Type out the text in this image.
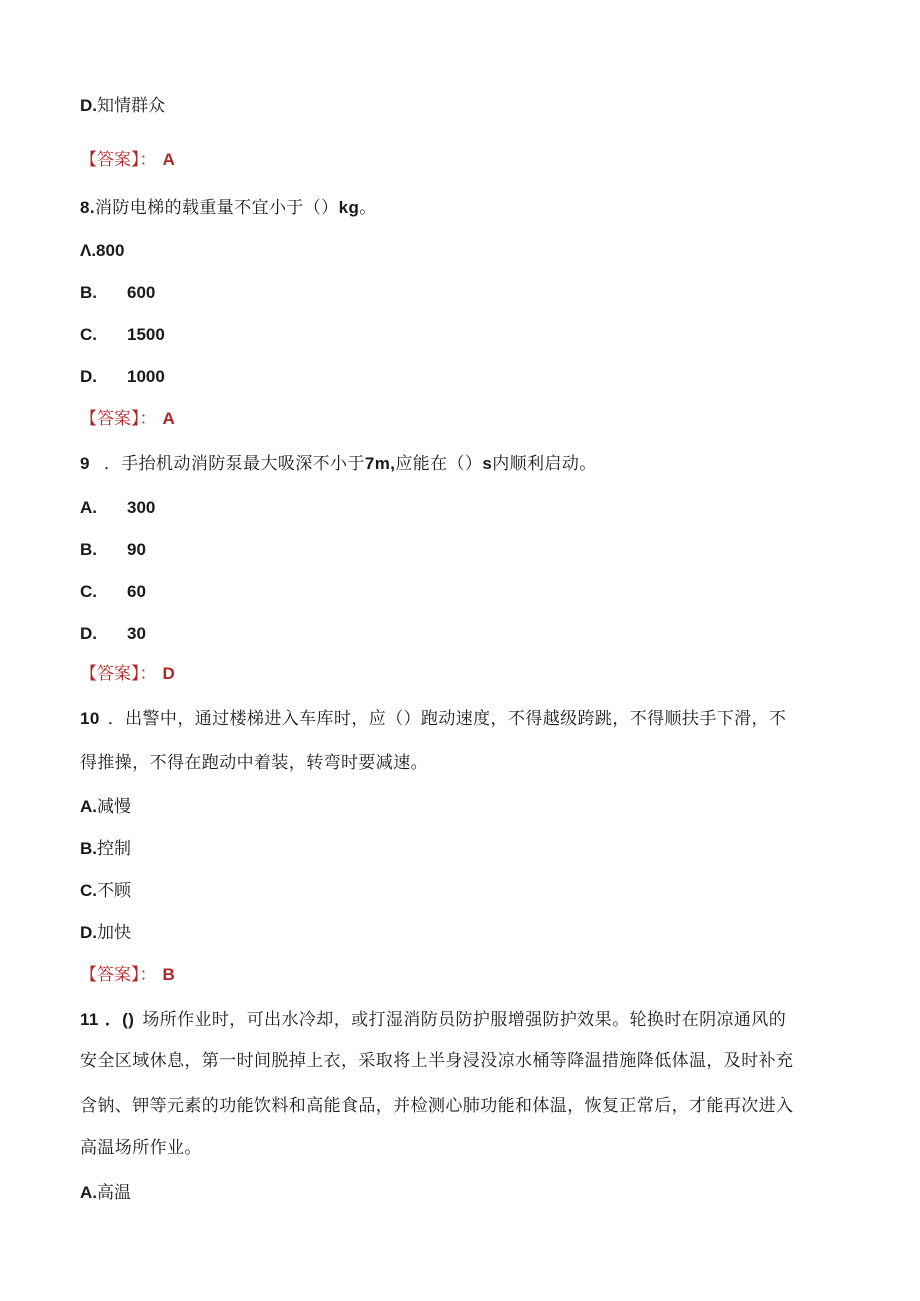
D.知情群众
【答案】： A
8.消防电梯的载重量不宜小于（）kg。
Λ.800
B. 600
C. 1500
D. 1000
【答案】： A
9 ．手抬机动消防泵最大吸深不小于7m,应能在（）s内顺利启动。
A. 300
B. 90
C. 60
D. 30
【答案】： D
10 ．出警中，通过楼梯进入车库时，应（）跑动速度，不得越级跨跳，不得顺扶手下滑，不
得推操，不得在跑动中着装，转弯时要减速。
A.减慢
B.控制
C.不顾
D.加快
【答案】： B
11 ．() 场所作业时，可出水冷却，或打湿消防员防护服增强防护效果。轮换时在阴凉通风的
安全区域休息，第一时间脱掉上衣，采取将上半身浸没凉水桶等降温措施降低体温，及时补充
含钠、钾等元素的功能饮料和高能食品，并检测心肺功能和体温，恢复正常后，才能再次进入
高温场所作业。
A.高温
